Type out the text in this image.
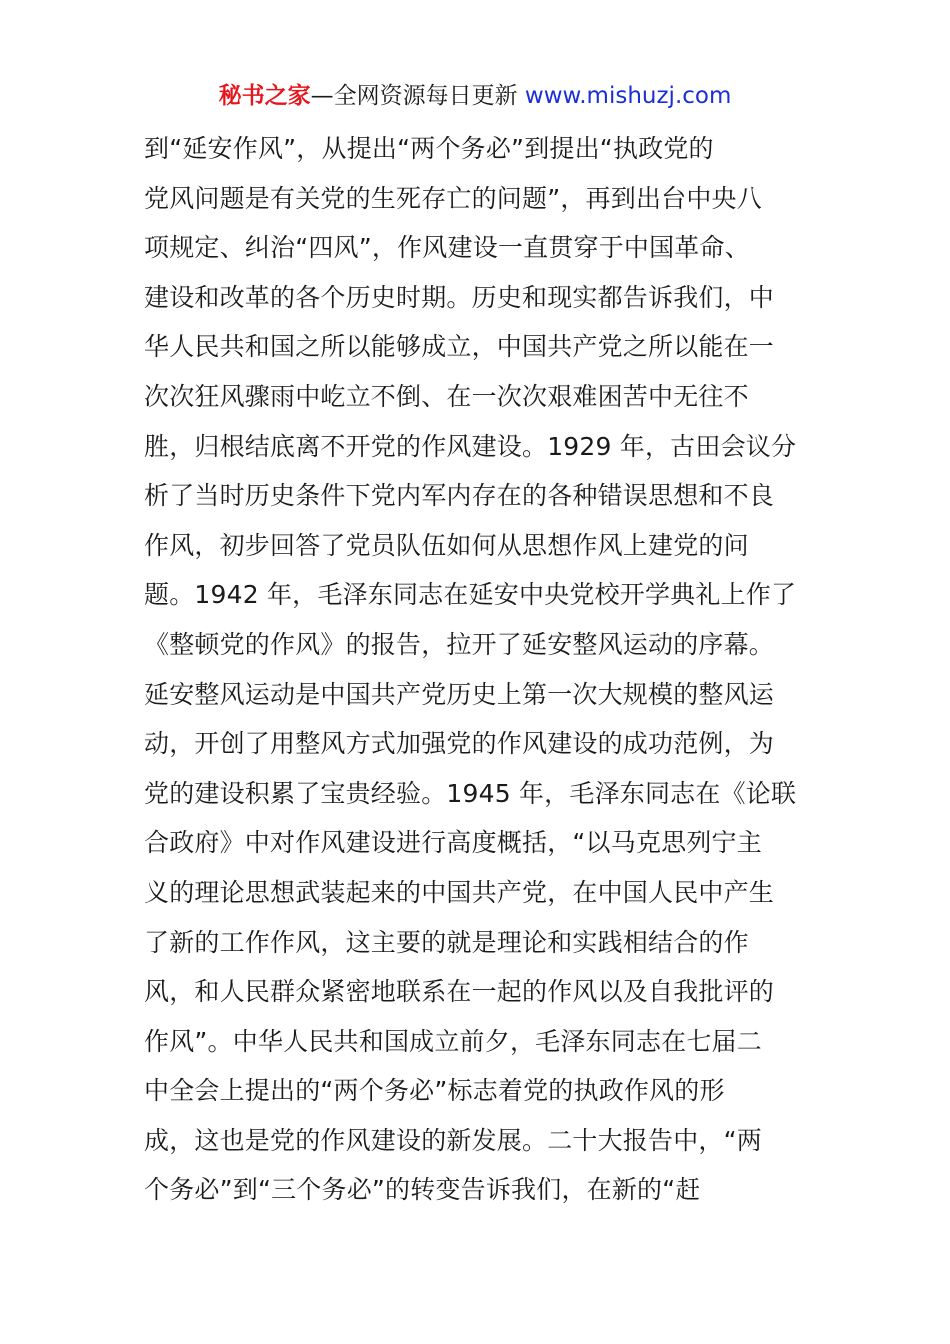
秘书之家—全网资源每日更新 www.mishuzj.com
到“延安作风”，从提出“两个务必”到提出“执政党的
党风问题是有关党的生死存亡的问题”，再到出台中央八
项规定、纠治“四风”，作风建设一直贯穿于中国革命、
建设和改革的各个历史时期。历史和现实都告诉我们，中
华人民共和国之所以能够成立，中国共产党之所以能在一
次次狂风骤雨中屹立不倒、在一次次艰难困苦中无往不
胜，归根结底离不开党的作风建设。1929 年，古田会议分
析了当时历史条件下党内军内存在的各种错误思想和不良
作风，初步回答了党员队伍如何从思想作风上建党的问
题。1942 年，毛泽东同志在延安中央党校开学典礼上作了
《整顿党的作风》的报告，拉开了延安整风运动的序幕。
延安整风运动是中国共产党历史上第一次大规模的整风运
动，开创了用整风方式加强党的作风建设的成功范例，为
党的建设积累了宝贵经验。1945 年，毛泽东同志在《论联
合政府》中对作风建设进行高度概括，“以马克思列宁主
义的理论思想武装起来的中国共产党，在中国人民中产生
了新的工作作风，这主要的就是理论和实践相结合的作
风，和人民群众紧密地联系在一起的作风以及自我批评的
作风”。中华人民共和国成立前夕，毛泽东同志在七届二
中全会上提出的“两个务必”标志着党的执政作风的形
成，这也是党的作风建设的新发展。二十大报告中，“两
个务必”到“三个务必”的转变告诉我们，在新的“赶
